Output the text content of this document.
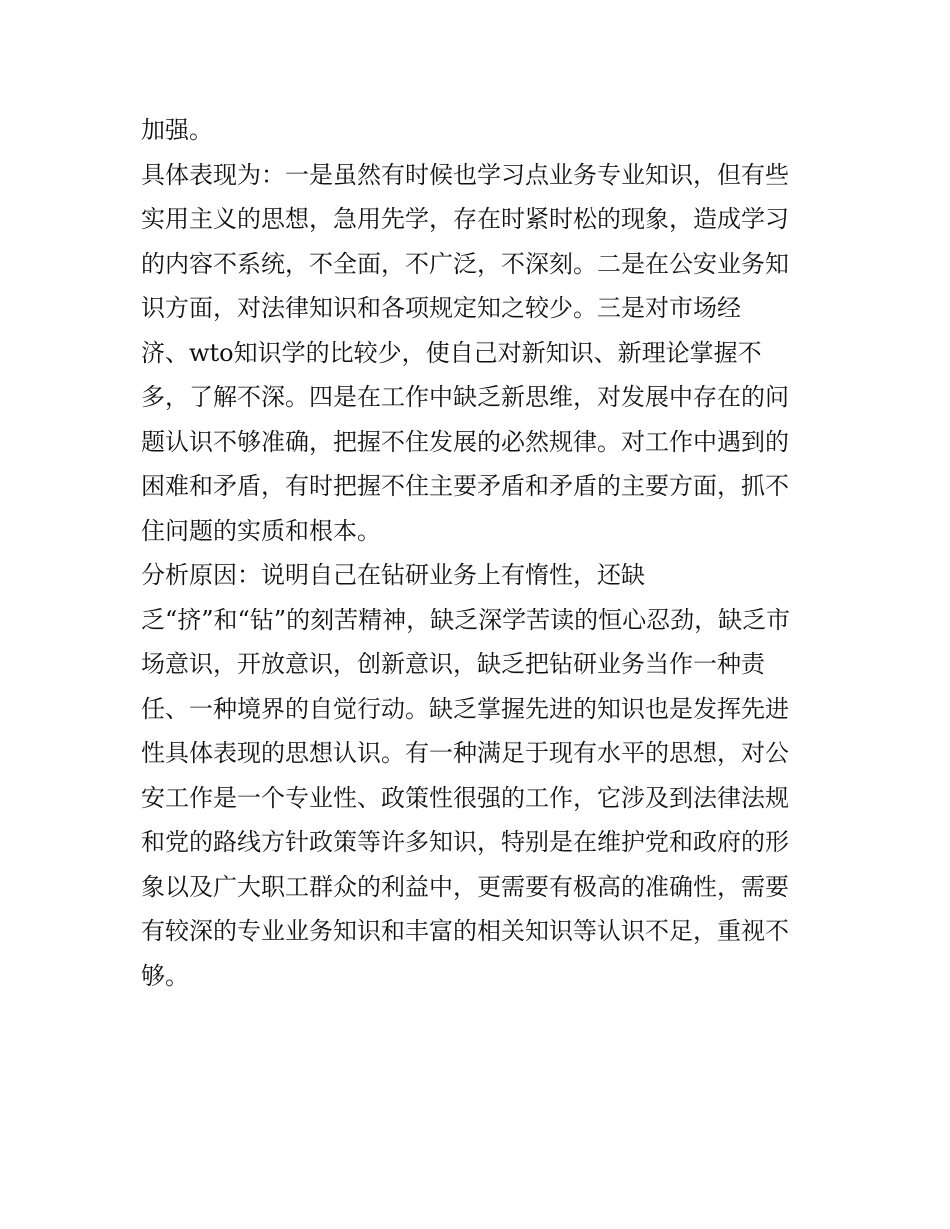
加强。
具体表现为：一是虽然有时候也学习点业务专业知识，但有些
实用主义的思想，急用先学，存在时紧时松的现象，造成学习
的内容不系统，不全面，不广泛，不深刻。二是在公安业务知
识方面，对法律知识和各项规定知之较少。三是对市场经
济、wto知识学的比较少，使自己对新知识、新理论掌握不
多，了解不深。四是在工作中缺乏新思维，对发展中存在的问
题认识不够准确，把握不住发展的必然规律。对工作中遇到的
困难和矛盾，有时把握不住主要矛盾和矛盾的主要方面，抓不
住问题的实质和根本。
分析原因：说明自己在钻研业务上有惰性，还缺
乏“挤”和“钻”的刻苦精神，缺乏深学苦读的恒心忍劲，缺乏市
场意识，开放意识，创新意识，缺乏把钻研业务当作一种责
任、一种境界的自觉行动。缺乏掌握先进的知识也是发挥先进
性具体表现的思想认识。有一种满足于现有水平的思想，对公
安工作是一个专业性、政策性很强的工作，它涉及到法律法规
和党的路线方针政策等许多知识，特别是在维护党和政府的形
象以及广大职工群众的利益中，更需要有极高的准确性，需要
有较深的专业业务知识和丰富的相关知识等认识不足，重视不
够。
